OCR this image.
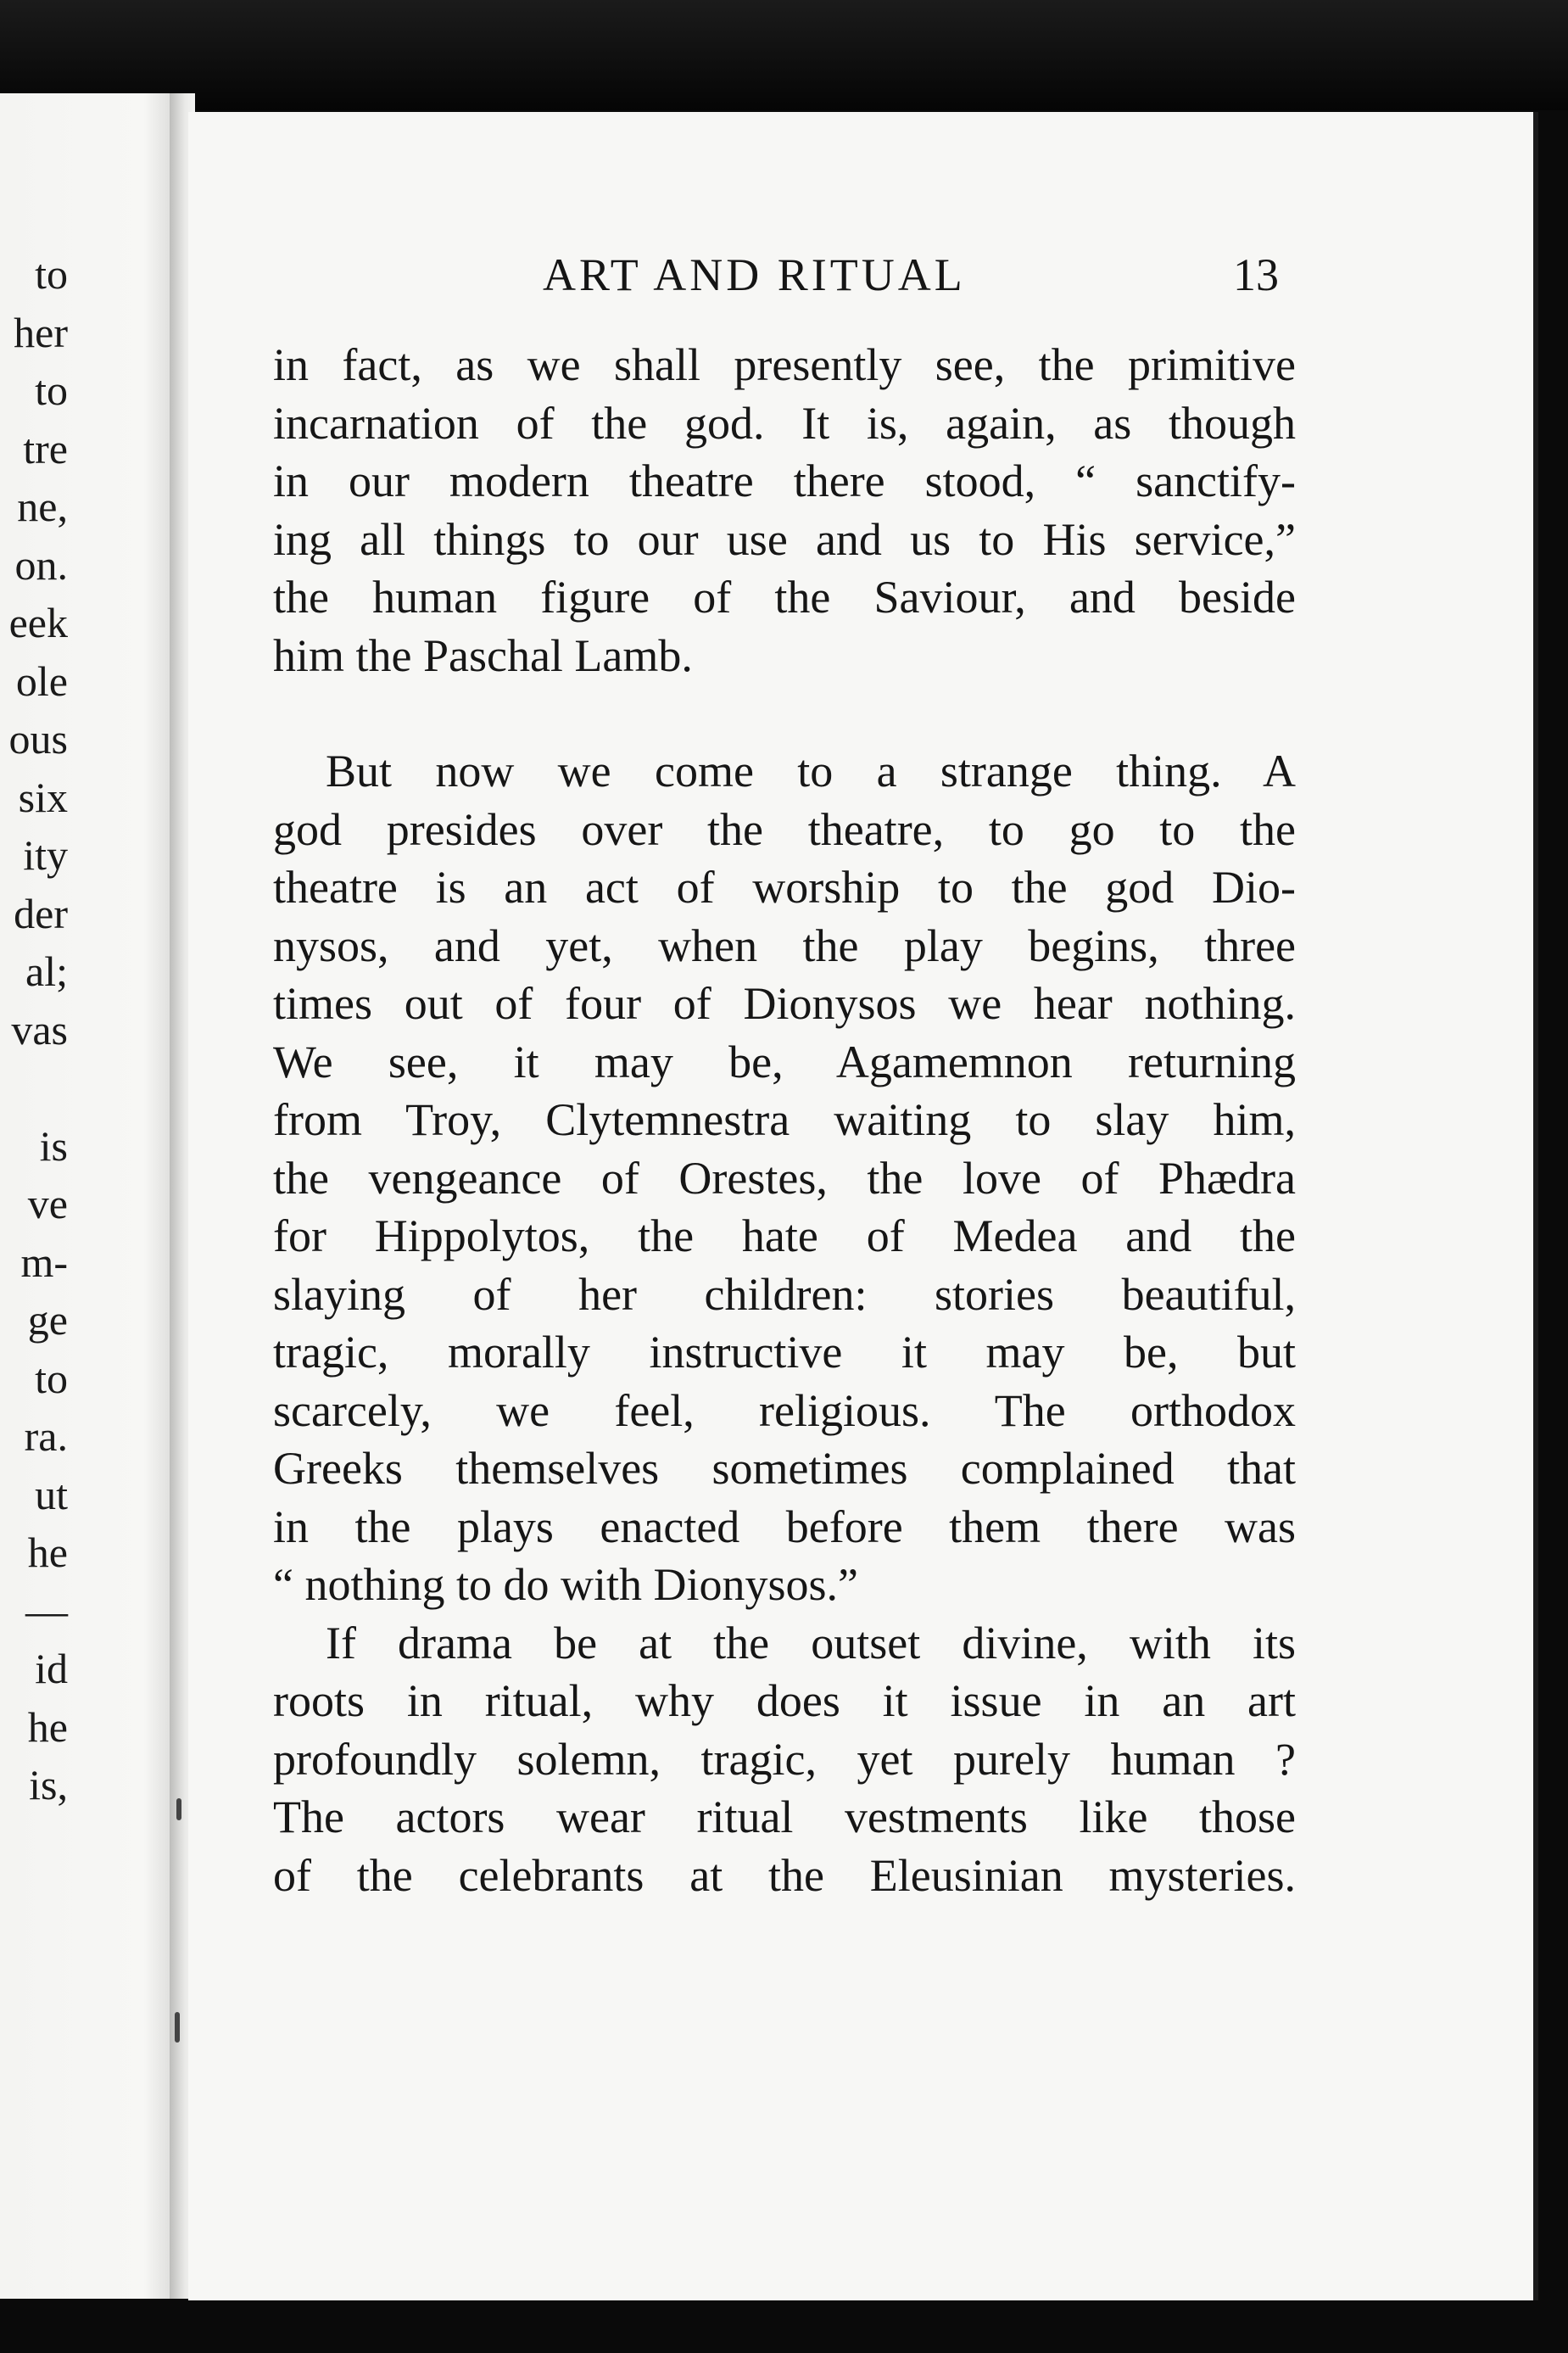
to
her
to
tre
ne,
on.
eek
ole
ous
six
ity
der
al;
vas
is
ve
m-
ge
to
ra.
ut
he
—
id
he
is,
ART AND RITUAL	13
in fact, as we shall presently see, the primitive
incarnation of the god. It is, again, as though
in our modern theatre there stood, “ sanctify-
ing all things to our use and us to His service,”
the human figure of the Saviour, and beside
him the Paschal Lamb.
But now we come to a strange thing. A
god presides over the theatre, to go to the
theatre is an act of worship to the god Dio-
nysos, and yet, when the play begins, three
times out of four of Dionysos we hear nothing.
We see, it may be, Agamemnon returning
from Troy, Clytemnestra waiting to slay him,
the vengeance of Orestes, the love of Phædra
for Hippolytos, the hate of Medea and the
slaying of her children: stories beautiful,
tragic, morally instructive it may be, but
scarcely, we feel, religious. The orthodox
Greeks themselves sometimes complained that
in the plays enacted before them there was
“ nothing to do with Dionysos.”
If drama be at the outset divine, with its
roots in ritual, why does it issue in an art
profoundly solemn, tragic, yet purely human ?
The actors wear ritual vestments like those
of the celebrants at the Eleusinian mysteries.
